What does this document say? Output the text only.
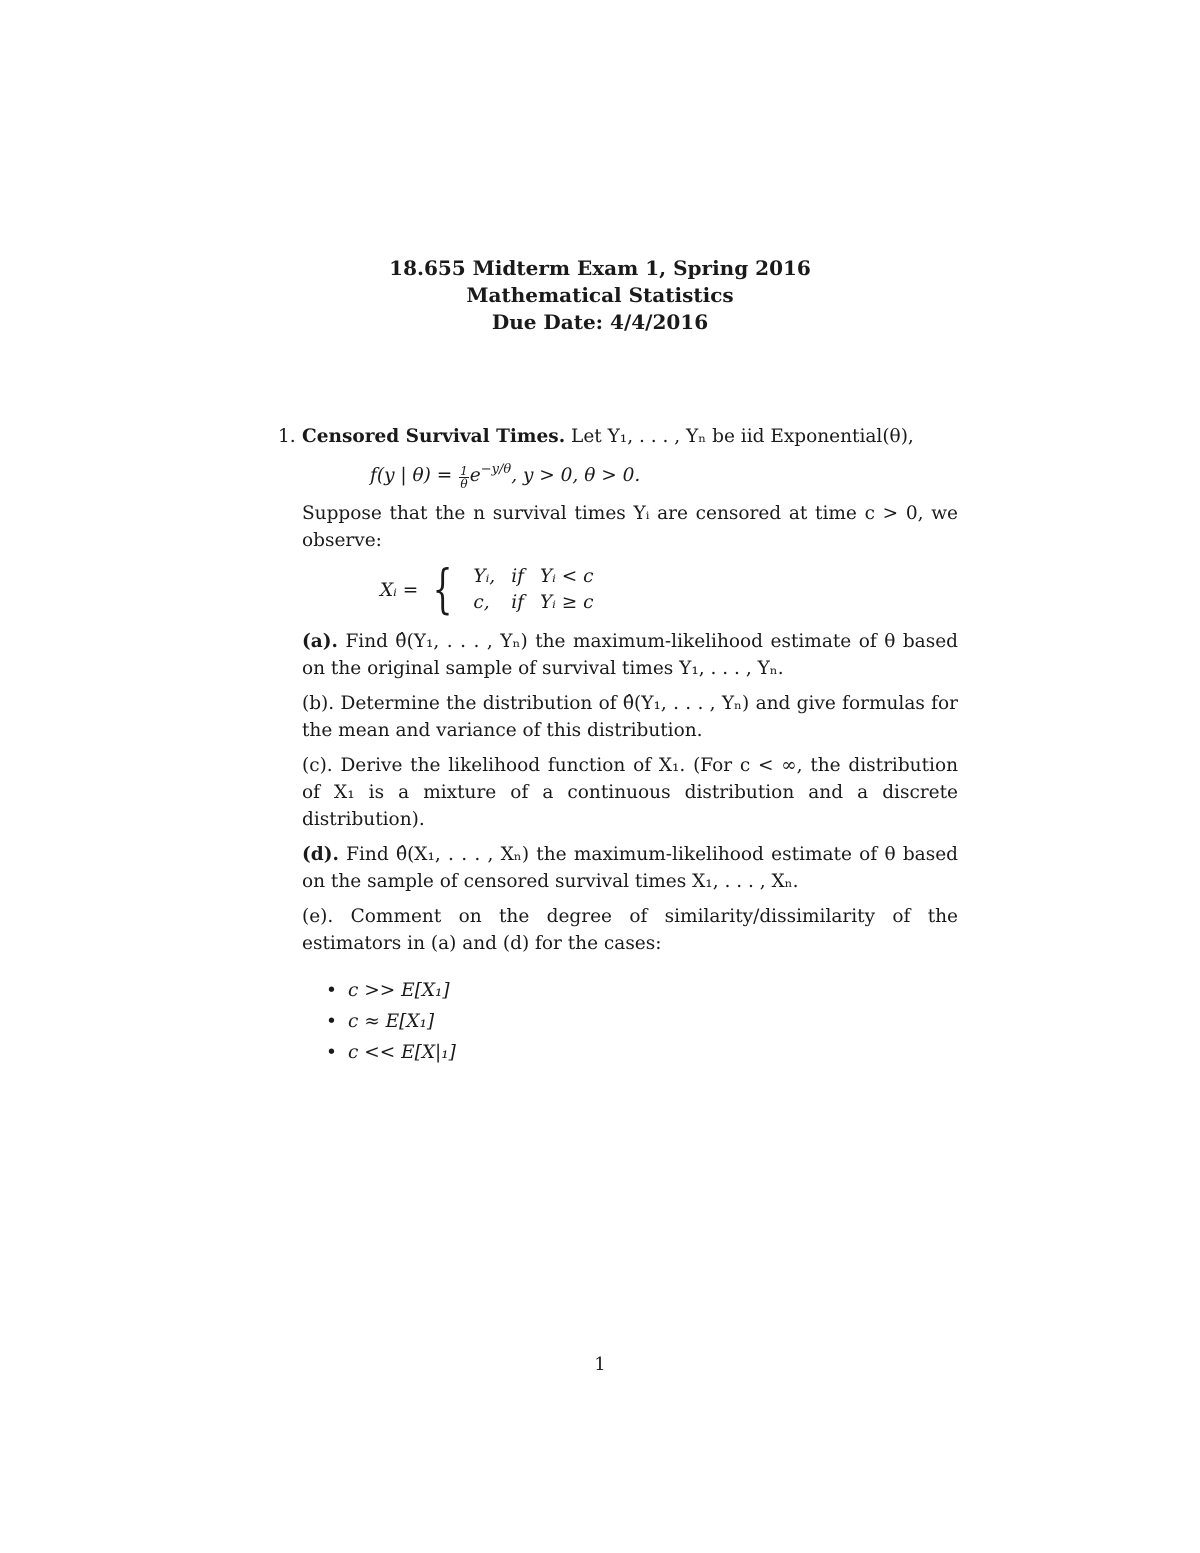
18.655 Midterm Exam 1, Spring 2016
Mathematical Statistics
Due Date: 4/4/2016
1. Censored Survival Times. Let Y₁, . . . , Yₙ be iid Exponential(θ),
f(y | $\theta) = \frac{1}{\theta} e^{-y/\theta}$, y > 0, θ > 0.

Suppose that the n survival times Yᵢ are censored at time c > 0, we observe:

Xᵢ = { Yᵢ,	if	Yᵢ < c
c,	if	Yᵢ ≥ c
(a). Find θ̂(Y₁, . . . , Yₙ) the maximum-likelihood estimate of θ based on the original sample of survival times Y₁, . . . , Yₙ.
(b). Determine the distribution of θ̂(Y₁, . . . , Yₙ) and give formulas for the mean and variance of this distribution.
(c). Derive the likelihood function of X₁. (For c < ∞, the distribution of X₁ is a mixture of a continuous distribution and a discrete distribution).
(d). Find θ̂(X₁, . . . , Xₙ) the maximum-likelihood estimate of θ based on the sample of censored survival times X₁, . . . , Xₙ.
(e). Comment on the degree of similarity/dissimilarity of the estimators in (a) and (d) for the cases:
• c >> E[X₁]
• c ≈ E[X₁]
• c << E[X|₁]
1
